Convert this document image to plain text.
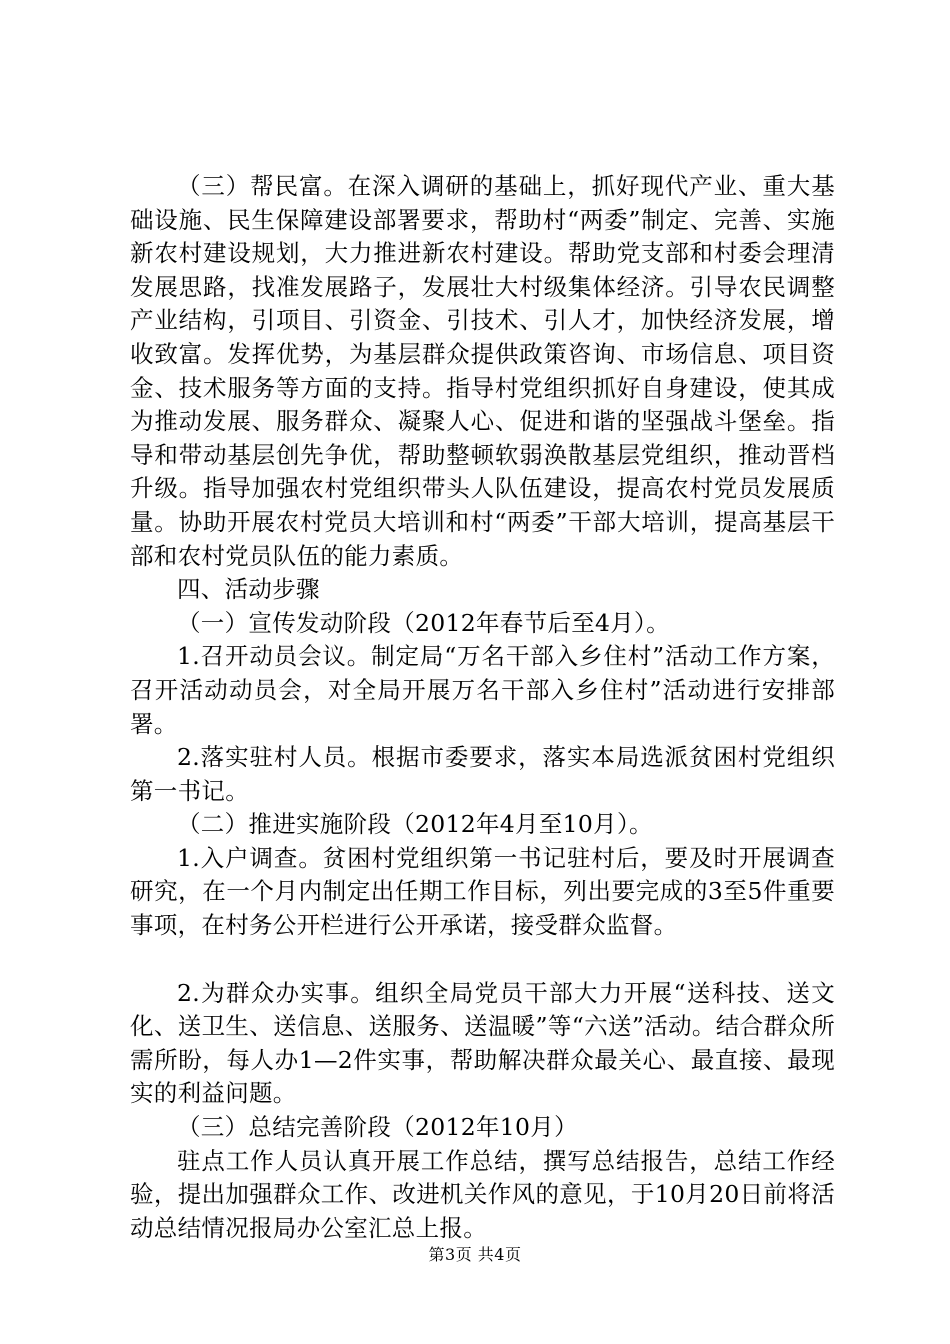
（三）帮民富。在深入调研的基础上，抓好现代产业、重大基础设施、民生保障建设部署要求，帮助村“两委”制定、完善、实施新农村建设规划，大力推进新农村建设。帮助党支部和村委会理清发展思路，找准发展路子，发展壮大村级集体经济。引导农民调整产业结构，引项目、引资金、引技术、引人才，加快经济发展，增收致富。发挥优势，为基层群众提供政策咨询、市场信息、项目资金、技术服务等方面的支持。指导村党组织抓好自身建设，使其成为推动发展、服务群众、凝聚人心、促进和谐的坚强战斗堡垒。指导和带动基层创先争优，帮助整顿软弱涣散基层党组织，推动晋档升级。指导加强农村党组织带头人队伍建设，提高农村党员发展质量。协助开展农村党员大培训和村“两委”干部大培训，提高基层干部和农村党员队伍的能力素质。

四、活动步骤

（一）宣传发动阶段（2012年春节后至4月）。

1.召开动员会议。制定局“万名干部入乡住村”活动工作方案，召开活动动员会，对全局开展万名干部入乡住村”活动进行安排部署。

2.落实驻村人员。根据市委要求，落实本局选派贫困村党组织第一书记。

（二）推进实施阶段（2012年4月至10月）。

1.入户调查。贫困村党组织第一书记驻村后，要及时开展调查研究，在一个月内制定出任期工作目标，列出要完成的3至5件重要事项，在村务公开栏进行公开承诺，接受群众监督。

2.为群众办实事。组织全局党员干部大力开展“送科技、送文化、送卫生、送信息、送服务、送温暖”等“六送”活动。结合群众所需所盼，每人办1—2件实事，帮助解决群众最关心、最直接、最现实的利益问题。

（三）总结完善阶段（2012年10月）

驻点工作人员认真开展工作总结，撰写总结报告，总结工作经验，提出加强群众工作、改进机关作风的意见，于10月20日前将活动总结情况报局办公室汇总上报。

第3页 共4页
